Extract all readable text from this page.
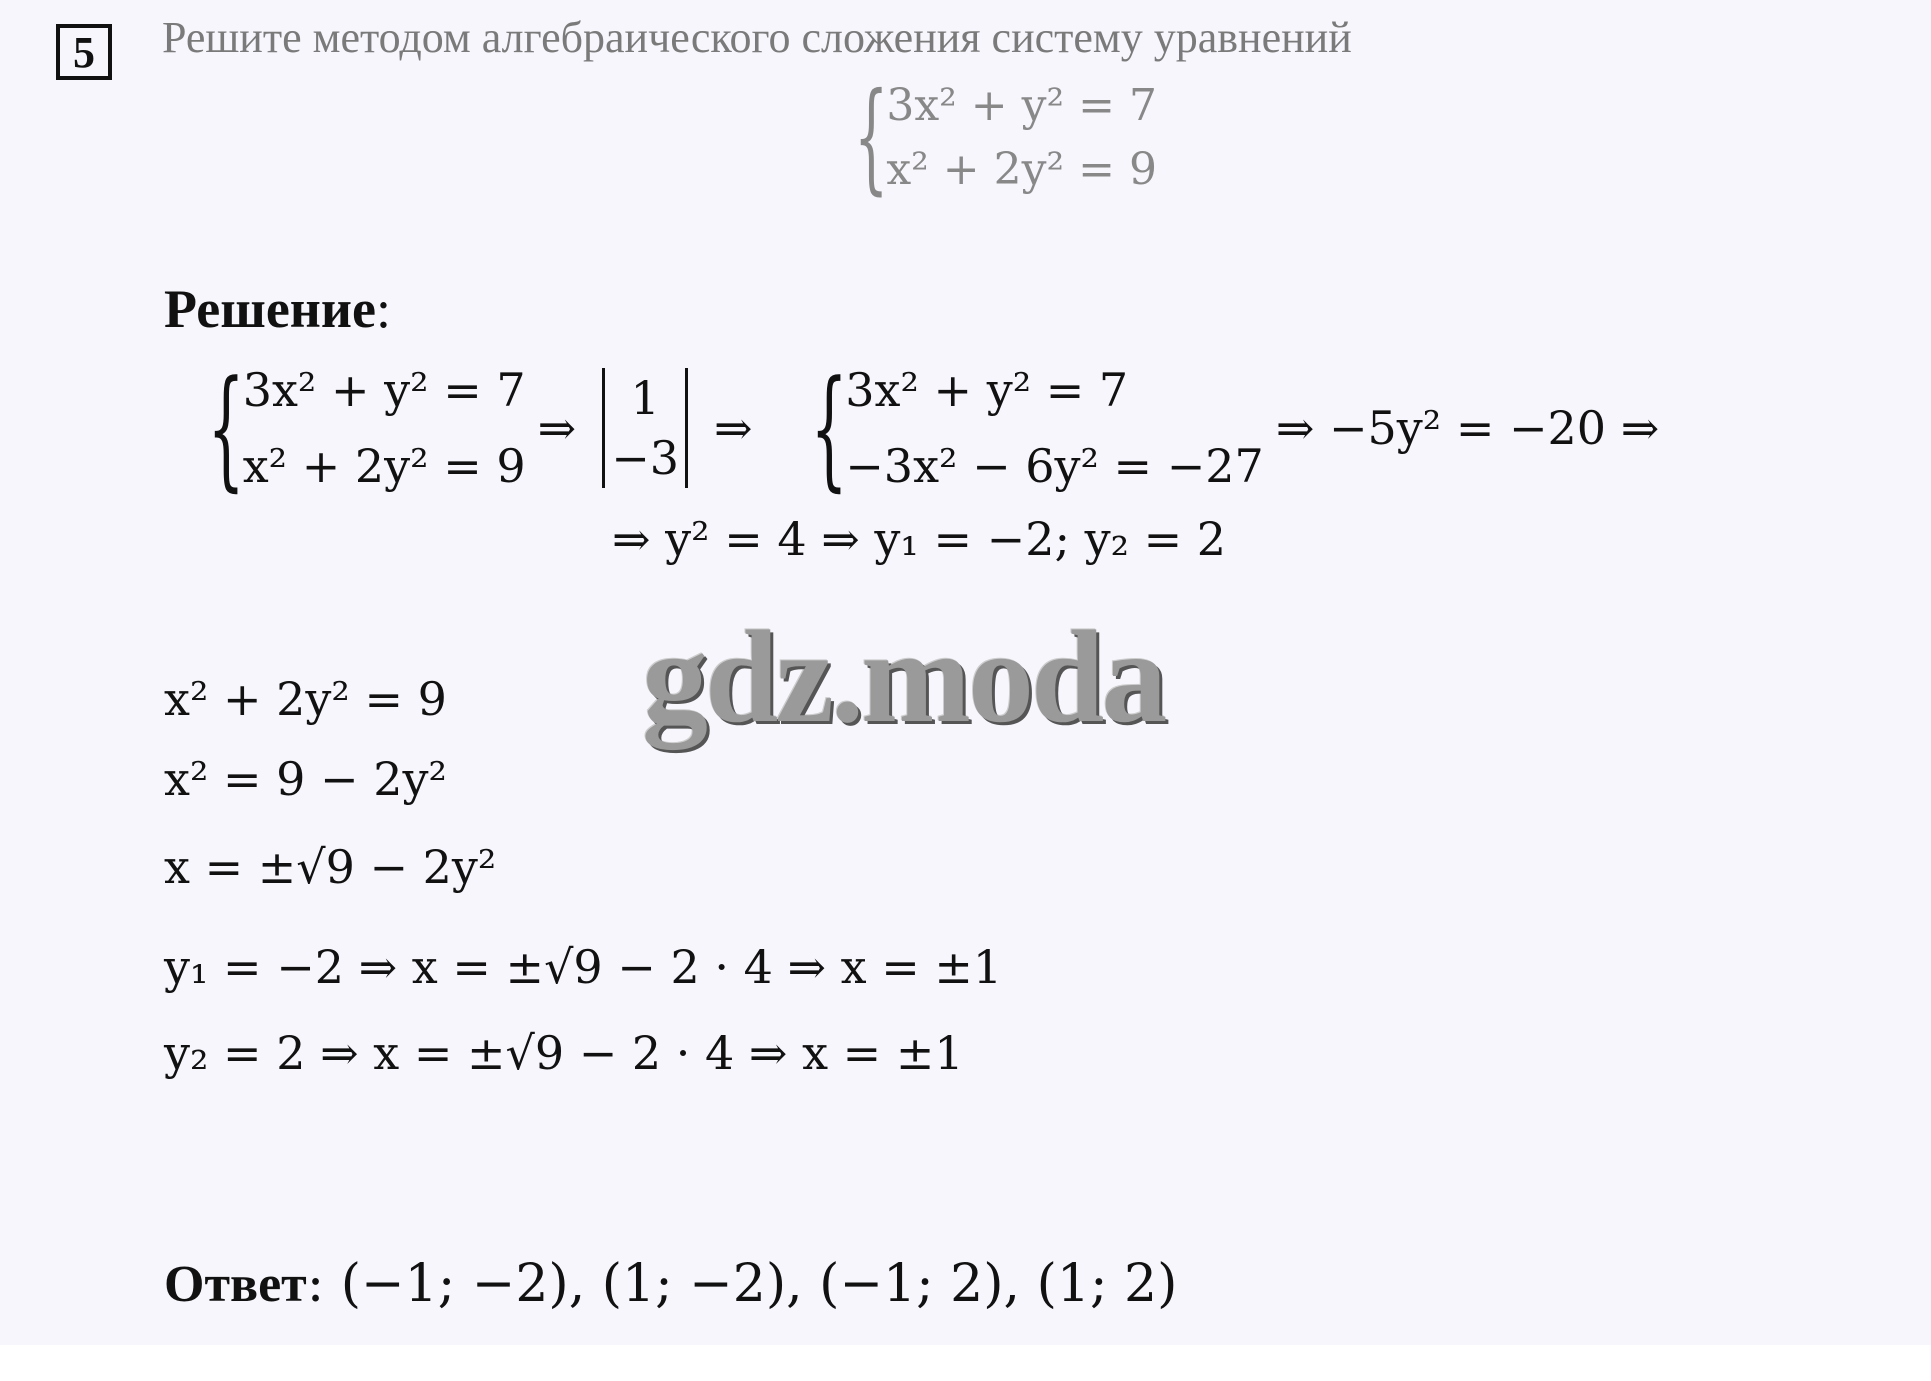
5	Решите методом алгебраического сложения систему уравнений
{
3x² + y² = 7
x² + 2y² = 9
Решение:
{
3x² + y² = 7
x² + 2y² = 9
⇒
1
−3
⇒ {
3x² + y² = 7
−3x² − 6y² = −27
⇒ −5y² = −20 ⇒
⇒ y² = 4 ⇒ y₁ = −2; y₂ = 2
gdz.moda
x² + 2y² = 9
x² = 9 − 2y²
x = ±√9 − 2y²
y₁ = −2 ⇒ x = ±√9 − 2 · 4 ⇒ x = ±1
y₂ = 2 ⇒ x = ±√9 − 2 · 4 ⇒ x = ±1
Ответ: (−1; −2), (1; −2), (−1; 2), (1; 2)
